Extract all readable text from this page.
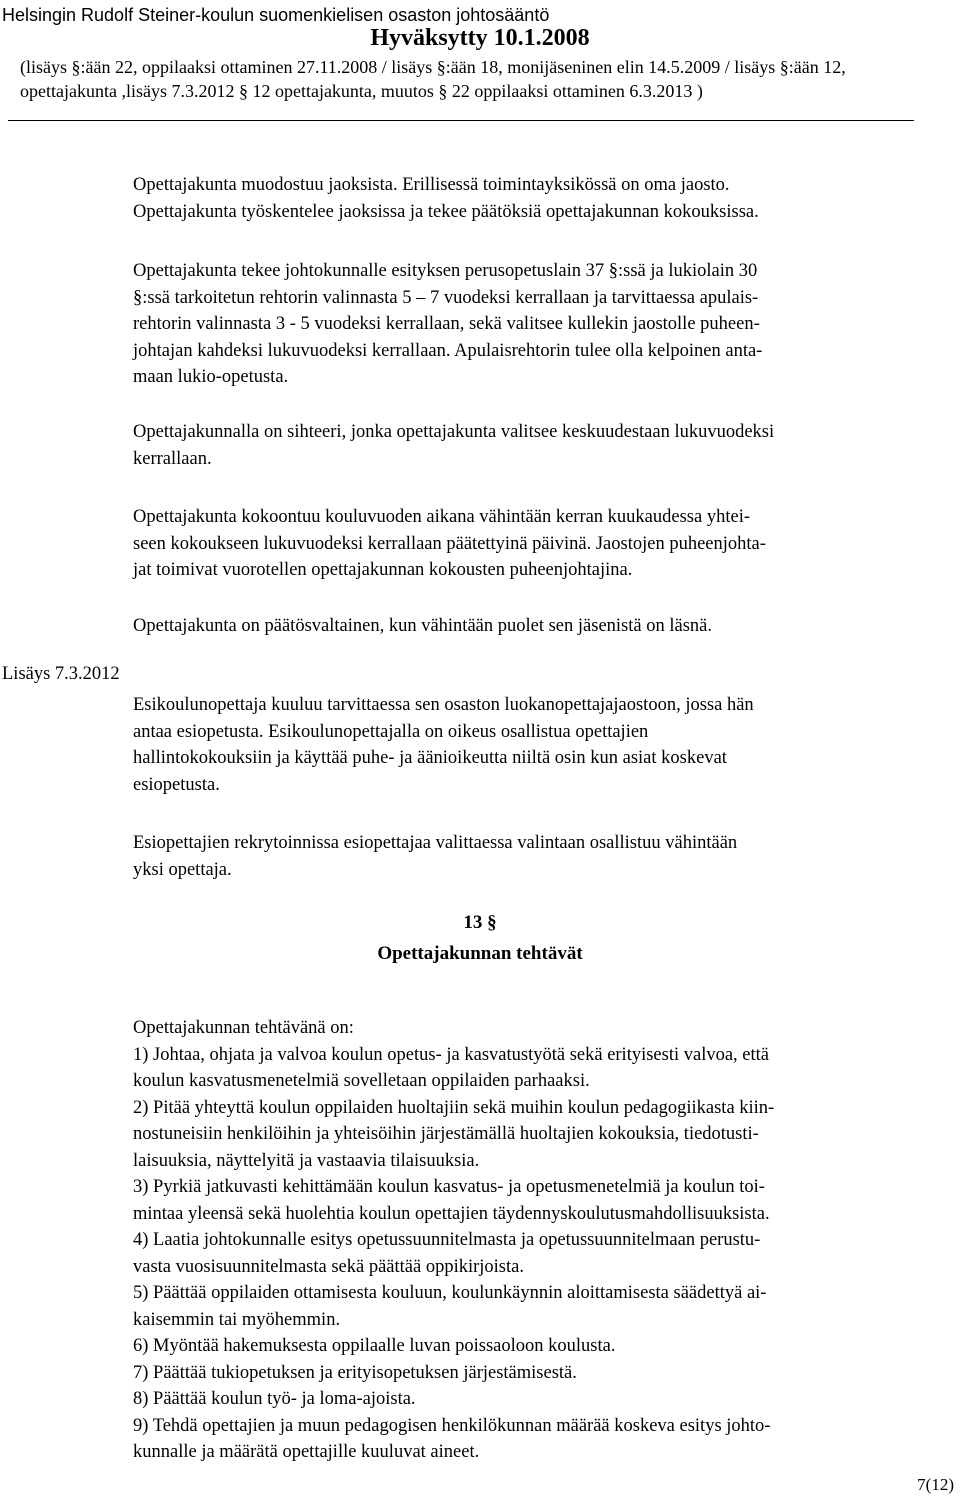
Helsingin Rudolf Steiner-koulun suomenkielisen osaston johtosääntö
Hyväksytty 10.1.2008
(lisäys §:ään 22, oppilaaksi ottaminen 27.11.2008 / lisäys §:ään 18, monijäseninen elin 14.5.2009 / lisäys §:ään 12,
opettajakunta ,lisäys 7.3.2012 § 12 opettajakunta, muutos § 22 oppilaaksi ottaminen 6.3.2013 )
Opettajakunta muodostuu jaoksista. Erillisessä toimintayksikössä on oma jaosto.
Opettajakunta työskentelee jaoksissa ja tekee päätöksiä opettajakunnan kokouksissa.
Opettajakunta tekee johtokunnalle esityksen perusopetuslain 37 §:ssä ja lukiolain 30
§:ssä tarkoitetun rehtorin valinnasta 5 – 7 vuodeksi kerrallaan ja tarvittaessa apulais-
rehtorin valinnasta 3 - 5 vuodeksi kerrallaan, sekä valitsee kullekin jaostolle puheen-
johtajan kahdeksi lukuvuodeksi kerrallaan. Apulaisrehtorin tulee olla kelpoinen anta-
maan lukio-opetusta.
Opettajakunnalla on sihteeri, jonka opettajakunta valitsee keskuudestaan lukuvuodeksi
kerrallaan.
Opettajakunta kokoontuu kouluvuoden aikana vähintään kerran kuukaudessa yhtei-
seen kokoukseen lukuvuodeksi kerrallaan päätettyinä päivinä. Jaostojen puheenjohta-
jat toimivat vuorotellen opettajakunnan kokousten puheenjohtajina.
Opettajakunta on päätösvaltainen, kun vähintään puolet sen jäsenistä on läsnä.
Lisäys 7.3.2012
Esikoulunopettaja kuuluu tarvittaessa sen osaston luokanopettajajaostoon, jossa hän
antaa esiopetusta. Esikoulunopettajalla on oikeus osallistua opettajien
hallintokokouksiin ja käyttää puhe- ja äänioikeutta niiltä osin kun asiat koskevat
esiopetusta.
Esiopettajien rekrytoinnissa esiopettajaa valittaessa valintaan osallistuu vähintään
yksi opettaja.
13 §
Opettajakunnan tehtävät
Opettajakunnan tehtävänä on:
1) Johtaa, ohjata ja valvoa koulun opetus- ja kasvatustyötä sekä erityisesti valvoa, että
koulun kasvatusmenetelmiä sovelletaan oppilaiden parhaaksi.
2) Pitää yhteyttä koulun oppilaiden huoltajiin sekä muihin koulun pedagogiikasta kiin-
nostuneisiin henkilöihin ja yhteisöihin järjestämällä huoltajien kokouksia, tiedotusti-
laisuuksia, näyttelyitä ja vastaavia tilaisuuksia.
3) Pyrkiä jatkuvasti kehittämään koulun kasvatus- ja opetusmenetelmiä ja koulun toi-
mintaa yleensä sekä huolehtia koulun opettajien täydennyskoulutusmahdollisuuksista.
4) Laatia johtokunnalle esitys opetussuunnitelmasta ja opetussuunnitelmaan perustu-
vasta vuosisuunnitelmasta sekä päättää oppikirjoista.
5) Päättää oppilaiden ottamisesta kouluun, koulunkäynnin aloittamisesta säädettyä ai-
kaisemmin tai myöhemmin.
6) Myöntää hakemuksesta oppilaalle luvan poissaoloon koulusta.
7) Päättää tukiopetuksen ja erityisopetuksen järjestämisestä.
8) Päättää koulun työ- ja loma-ajoista.
9) Tehdä opettajien ja muun pedagogisen henkilökunnan määrää koskeva esitys johto-
kunnalle ja määrätä opettajille kuuluvat aineet.
7(12)
